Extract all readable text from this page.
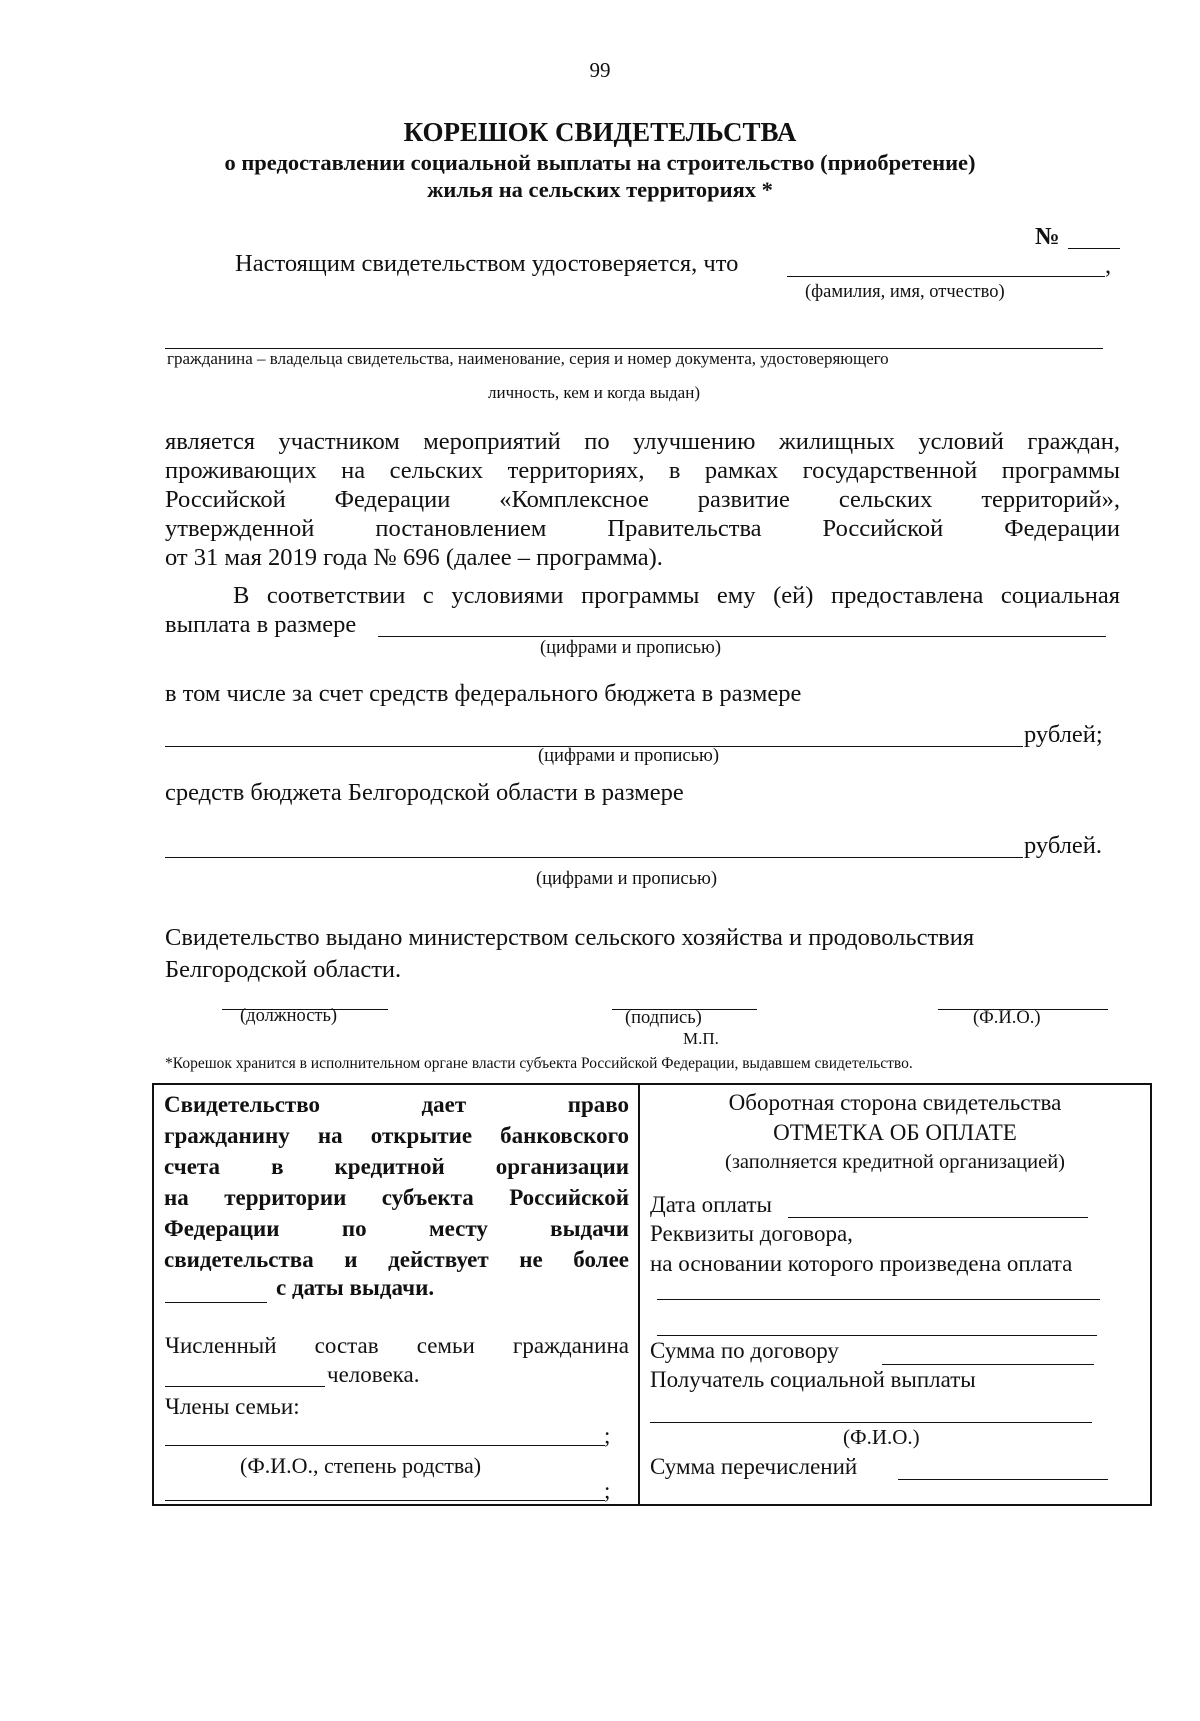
99
КОРЕШОК СВИДЕТЕЛЬСТВА
о предоставлении социальной выплаты на строительство (приобретение)
жилья на сельских территориях *
№
Настоящим свидетельством удостоверяется, что	,
(фамилия, имя, отчество)
гражданина – владельца свидетельства, наименование, серия и номер документа, удостоверяющего
личность, кем и когда выдан)
является участником мероприятий по улучшению жилищных условий граждан,
проживающих на сельских территориях, в рамках государственной программы
Российской Федерации «Комплексное развитие сельских территорий»,
утвержденной постановлением Правительства Российской Федерации
от 31 мая 2019 года № 696 (далее – программа).
В соответствии с условиями программы ему (ей) предоставлена социальная
выплата в размере
(цифрами и прописью)
в том числе за счет средств федерального бюджета в размере
рублей;
(цифрами и прописью)
средств бюджета Белгородской области в размере
рублей.
(цифрами и прописью)
Свидетельство выдано министерством сельского хозяйства и продовольствия
Белгородской области.
(должность)	(подпись)
М.П.
(Ф.И.О.)
*Корешок хранится в исполнительном органе власти субъекта Российской Федерации, выдавшем свидетельство.
Свидетельство дает право
гражданину на открытие банковского
счета в кредитной организации
на территории субъекта Российской
Федерации по месту выдачи
свидетельства и действует не более
с даты выдачи.
Численный состав семьи гражданина
человека.
Члены семьи:
;
(Ф.И.О., степень родства)
;
Оборотная сторона свидетельства
ОТМЕТКА ОБ ОПЛАТЕ
(заполняется кредитной организацией)
Дата оплаты
Реквизиты договора,
на основании которого произведена оплата
Сумма по договору
Получатель социальной выплаты
(Ф.И.О.)
Сумма перечислений
